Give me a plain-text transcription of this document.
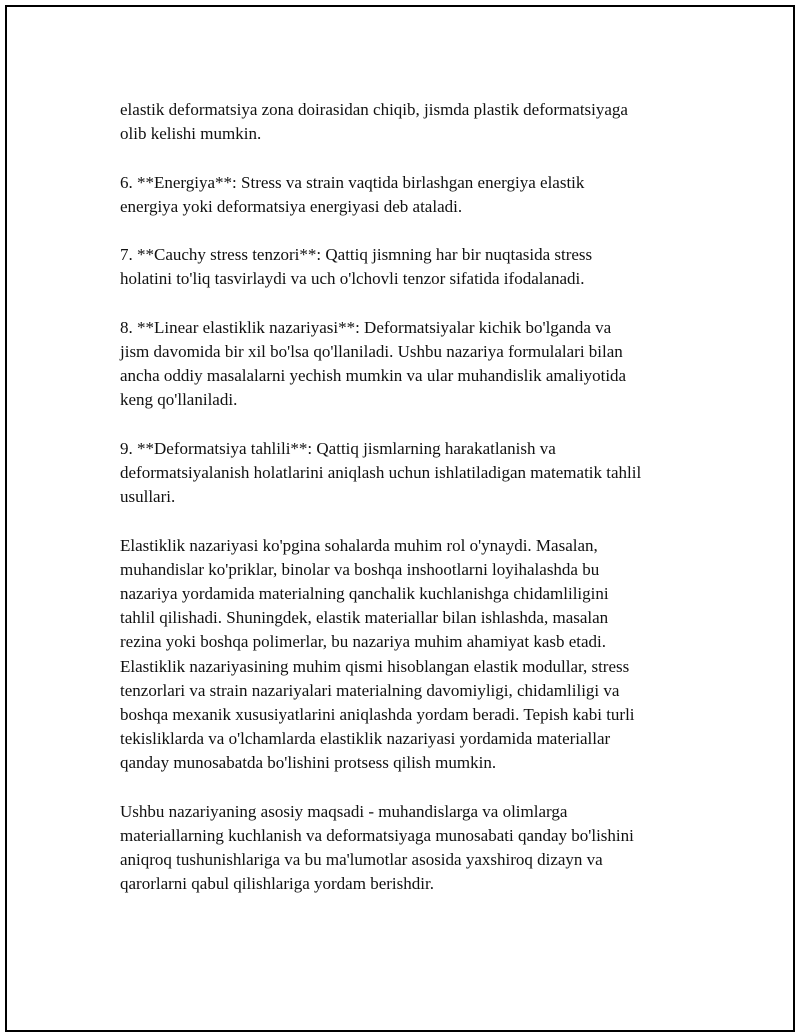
elastik deformatsiya zona doirasidan chiqib, jismda plastik deformatsiyaga
olib kelishi mumkin.

6. **Energiya**: Stress va strain vaqtida birlashgan energiya elastik
energiya yoki deformatsiya energiyasi deb ataladi.

7. **Cauchy stress tenzori**: Qattiq jismning har bir nuqtasida stress
holatini to'liq tasvirlaydi va uch o'lchovli tenzor sifatida ifodalanadi.

8. **Linear elastiklik nazariyasi**: Deformatsiyalar kichik bo'lganda va
jism davomida bir xil bo'lsa qo'llaniladi. Ushbu nazariya formulalari bilan
ancha oddiy masalalarni yechish mumkin va ular muhandislik amaliyotida
keng qo'llaniladi.

9. **Deformatsiya tahlili**: Qattiq jismlarning harakatlanish va
deformatsiyalanish holatlarini aniqlash uchun ishlatiladigan matematik tahlil
usullari.

Elastiklik nazariyasi ko'pgina sohalarda muhim rol o'ynaydi. Masalan,
muhandislar ko'priklar, binolar va boshqa inshootlarni loyihalashda bu
nazariya yordamida materialning qanchalik kuchlanishga chidamliligini
tahlil qilishadi. Shuningdek, elastik materiallar bilan ishlashda, masalan
rezina yoki boshqa polimerlar, bu nazariya muhim ahamiyat kasb etadi.
Elastiklik nazariyasining muhim qismi hisoblangan elastik modullar, stress
tenzorlari va strain nazariyalari materialning davomiyligi, chidamliligi va
boshqa mexanik xususiyatlarini aniqlashda yordam beradi. Tepish kabi turli
tekisliklarda va o'lchamlarda elastiklik nazariyasi yordamida materiallar
qanday munosabatda bo'lishini protsess qilish mumkin.

Ushbu nazariyaning asosiy maqsadi - muhandislarga va olimlarga
materiallarning kuchlanish va deformatsiyaga munosabati qanday bo'lishini
aniqroq tushunishlariga va bu ma'lumotlar asosida yaxshiroq dizayn va
qarorlarni qabul qilishlariga yordam berishdir.
